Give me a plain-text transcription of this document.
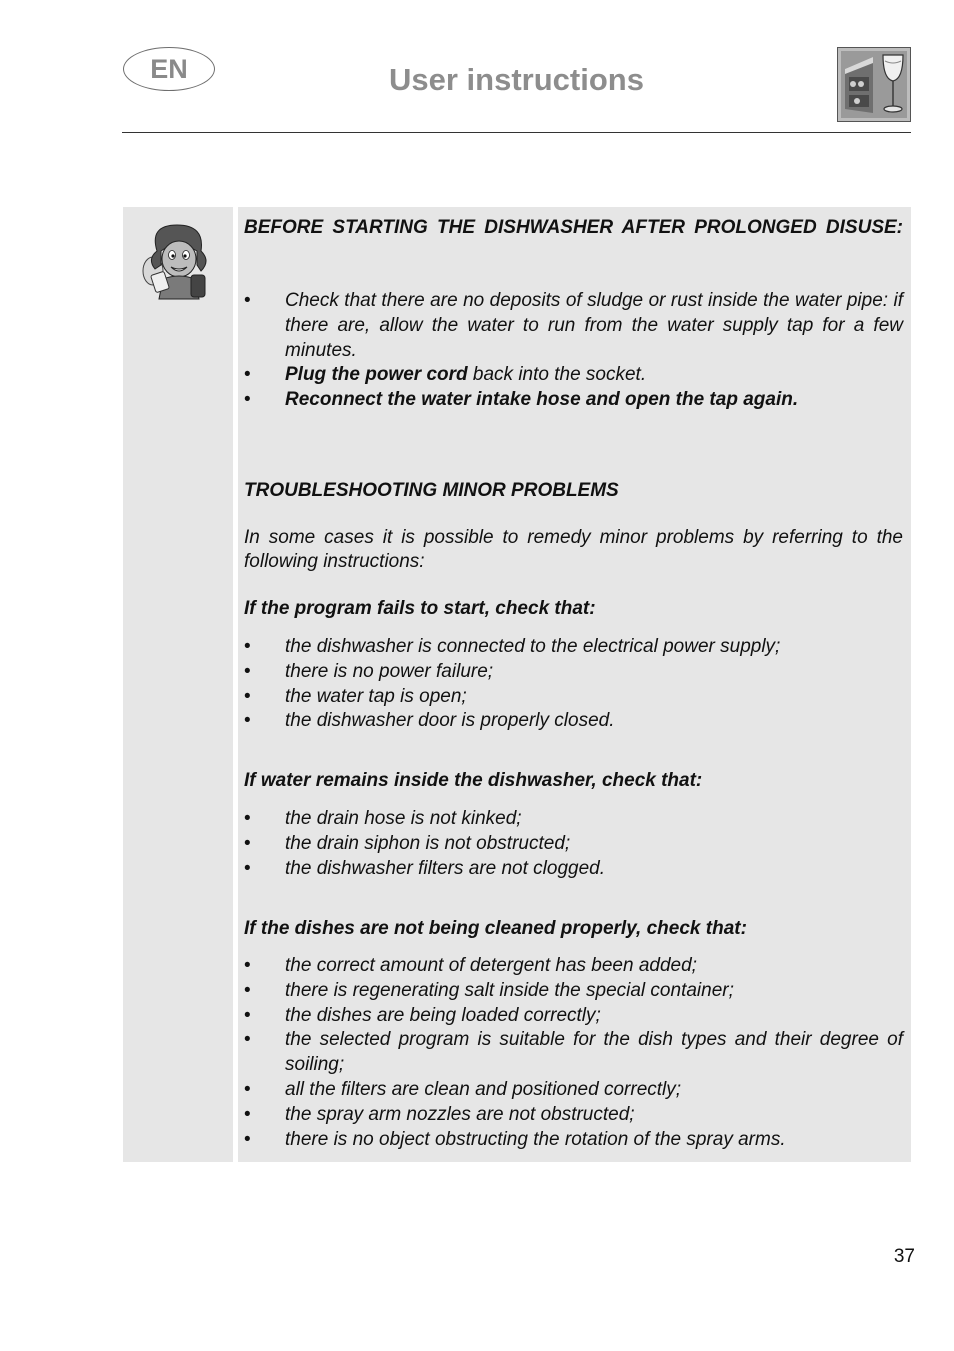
EN	User instructions
BEFORE STARTING THE DISHWASHER AFTER PROLONGED DISUSE:
• Check that there are no deposits of sludge or rust inside the water pipe: if there are, allow the water to run from the water supply tap for a few minutes.
• Plug the power cord back into the socket.
• Reconnect the water intake hose and open the tap again.
TROUBLESHOOTING MINOR PROBLEMS
In some cases it is possible to remedy minor problems by referring to the following instructions:
If the program fails to start, check that:
• the dishwasher is connected to the electrical power supply;
• there is no power failure;
• the water tap is open;
• the dishwasher door is properly closed.
If water remains inside the dishwasher, check that:
• the drain hose is not kinked;
• the drain siphon is not obstructed;
• the dishwasher filters are not clogged.
If the dishes are not being cleaned properly, check that:
• the correct amount of detergent has been added;
• there is regenerating salt inside the special container;
• the dishes are being loaded correctly;
• the selected program is suitable for the dish types and their degree of soiling;
• all the filters are clean and positioned correctly;
• the spray arm nozzles are not obstructed;
• there is no object obstructing the rotation of the spray arms.
37
